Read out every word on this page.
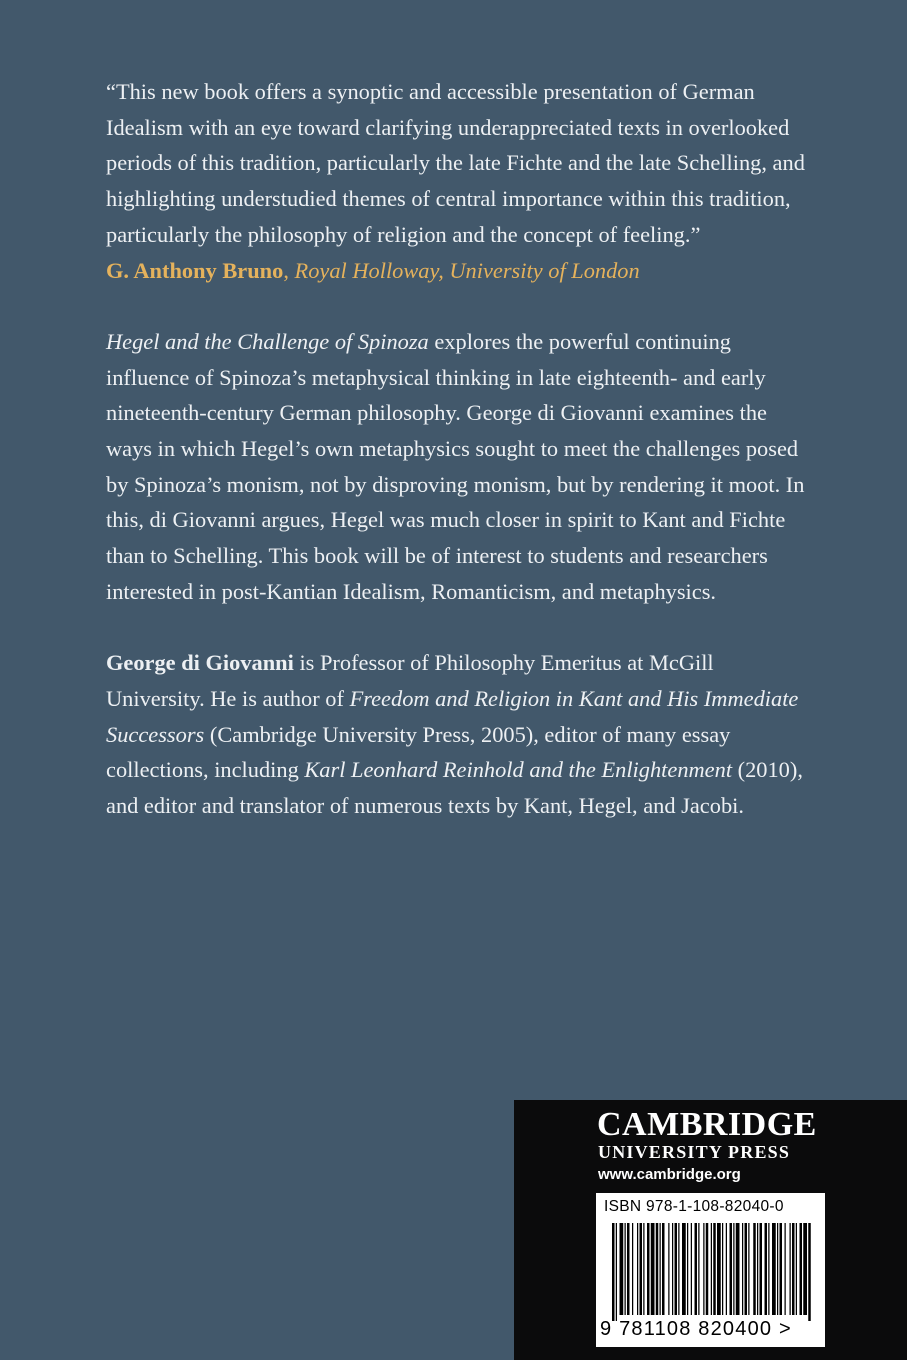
“This new book offers a synoptic and accessible presentation of German Idealism with an eye toward clarifying underappreciated texts in overlooked periods of this tradition, particularly the late Fichte and the late Schelling, and highlighting understudied themes of central importance within this tradition, particularly the philosophy of religion and the concept of feeling.”

G. Anthony Bruno, Royal Holloway, University of London

Hegel and the Challenge of Spinoza explores the powerful continuing influence of Spinoza’s metaphysical thinking in late eighteenth- and early nineteenth-century German philosophy. George di Giovanni examines the ways in which Hegel’s own metaphysics sought to meet the challenges posed by Spinoza’s monism, not by disproving monism, but by rendering it moot. In this, di Giovanni argues, Hegel was much closer in spirit to Kant and Fichte than to Schelling. This book will be of interest to students and researchers interested in post-Kantian Idealism, Romanticism, and metaphysics.

George di Giovanni is Professor of Philosophy Emeritus at McGill University. He is author of Freedom and Religion in Kant and His Immediate Successors (Cambridge University Press, 2005), editor of many essay collections, including Karl Leonhard Reinhold and the Enlightenment (2010), and editor and translator of numerous texts by Kant, Hegel, and Jacobi.

CAMBRIDGE
UNIVERSITY PRESS
www.cambridge.org
ISBN 978-1-108-82040-0
9 781108 820400 >
